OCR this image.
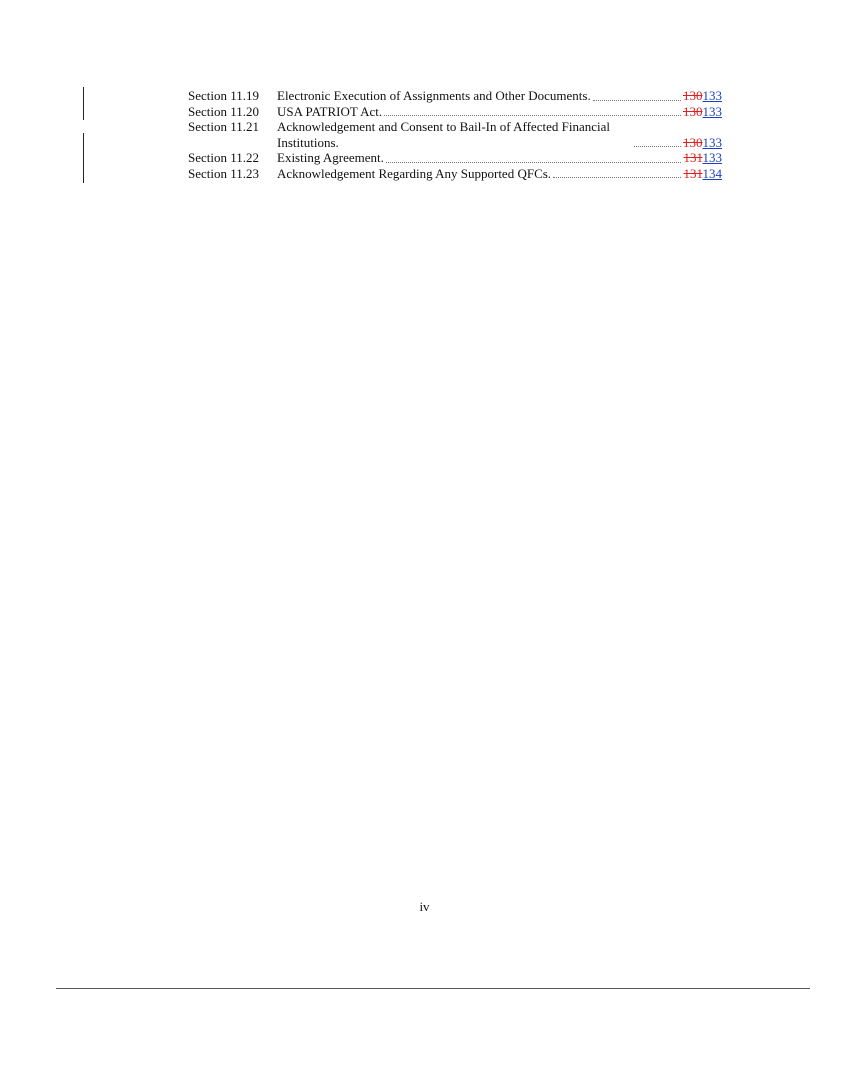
Section 11.19 Electronic Execution of Assignments and Other Documents.	130133
Section 11.20 USA PATRIOT Act.	130133
Section 11.21 Acknowledgement and Consent to Bail-In of Affected Financial Institutions.	130133
Section 11.22 Existing Agreement.	131133
Section 11.23 Acknowledgement Regarding Any Supported QFCs.	131134
iv
